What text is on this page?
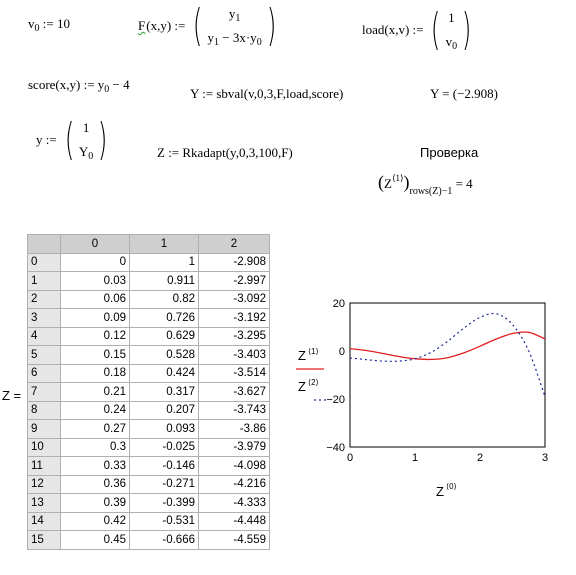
$v_0$ := 10	F (x,y) := ( $y_1$
$y_1 - 3x\cdot y_0$ )	load(x,v) := ( 1
$v_0$ )
score(x,y) := $y_0 - 4$
Y := sbval(v,0,3,F,load,score)	Y = (−2.908)
y := ( 1
$Y_0$ )	Z := Rkadapt(y,0,3,100,F)	Проверка
$(Z^{⟨1⟩})_{rows(Z)-1} = 4$
Z =
	0	1	2
0	0	1	-2.908
1	0.03	0.911	-2.997
2	0.06	0.82	-3.092
3	0.09	0.726	-3.192
4	0.12	0.629	-3.295
5	0.15	0.528	-3.403
6	0.18	0.424	-3.514
7	0.21	0.317	-3.627
8	0.24	0.207	-3.743
9	0.27	0.093	-3.86
10	0.3	-0.025	-3.979
11	0.33	-0.146	-4.098
12	0.36	-0.271	-4.216
13	0.39	-0.399	-4.333
14	0.42	-0.531	-4.448
15	0.45	-0.666	-4.559
20
0
−20
−40
0	1	2	3
Z ⟨1⟩
Z ⟨2⟩
Z ⟨0⟩
